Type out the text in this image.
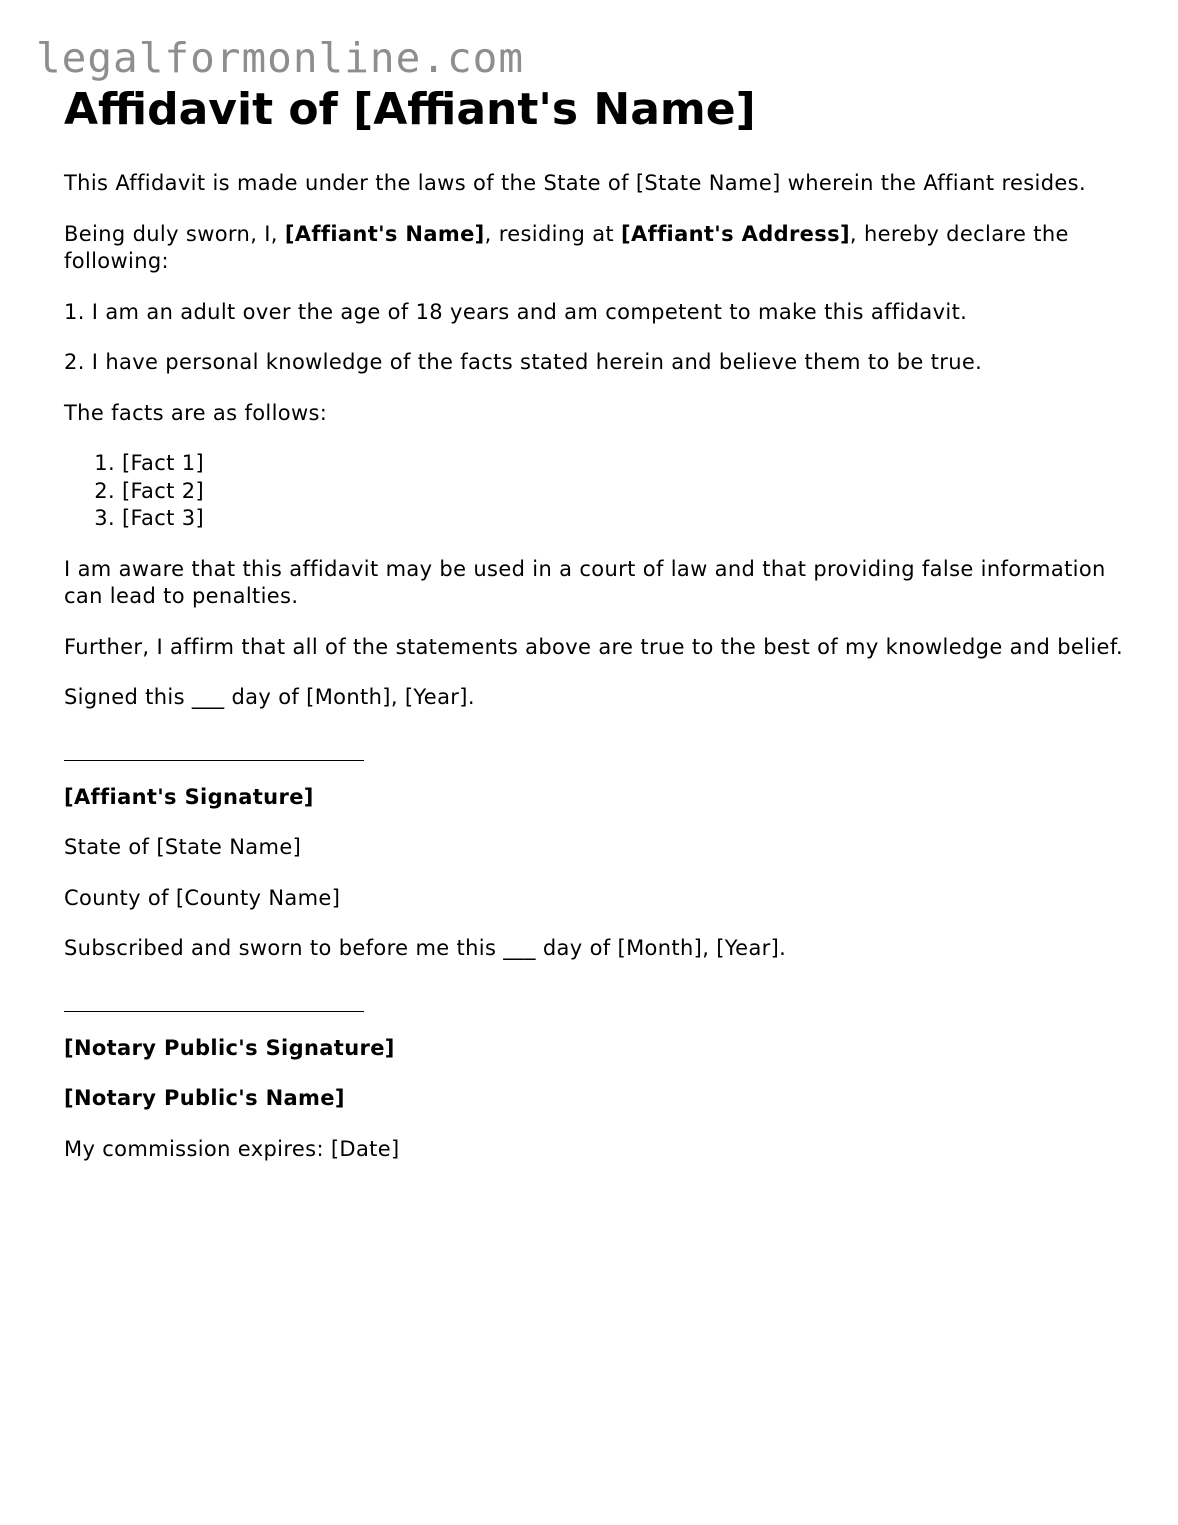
legalformonline.com
Affidavit of [Affiant's Name]

This Affidavit is made under the laws of the State of [State Name] wherein the Affiant resides.

Being duly sworn, I, [Affiant's Name], residing at [Affiant's Address], hereby declare the following:

1. I am an adult over the age of 18 years and am competent to make this affidavit.

2. I have personal knowledge of the facts stated herein and believe them to be true.

The facts are as follows:

1. [Fact 1]
2. [Fact 2]
3. [Fact 3]

I am aware that this affidavit may be used in a court of law and that providing false information can lead to penalties.

Further, I affirm that all of the statements above are true to the best of my knowledge and belief.

Signed this ___ day of [Month], [Year].

[Affiant's Signature]

State of [State Name]

County of [County Name]

Subscribed and sworn to before me this ___ day of [Month], [Year].

[Notary Public's Signature]

[Notary Public's Name]

My commission expires: [Date]
